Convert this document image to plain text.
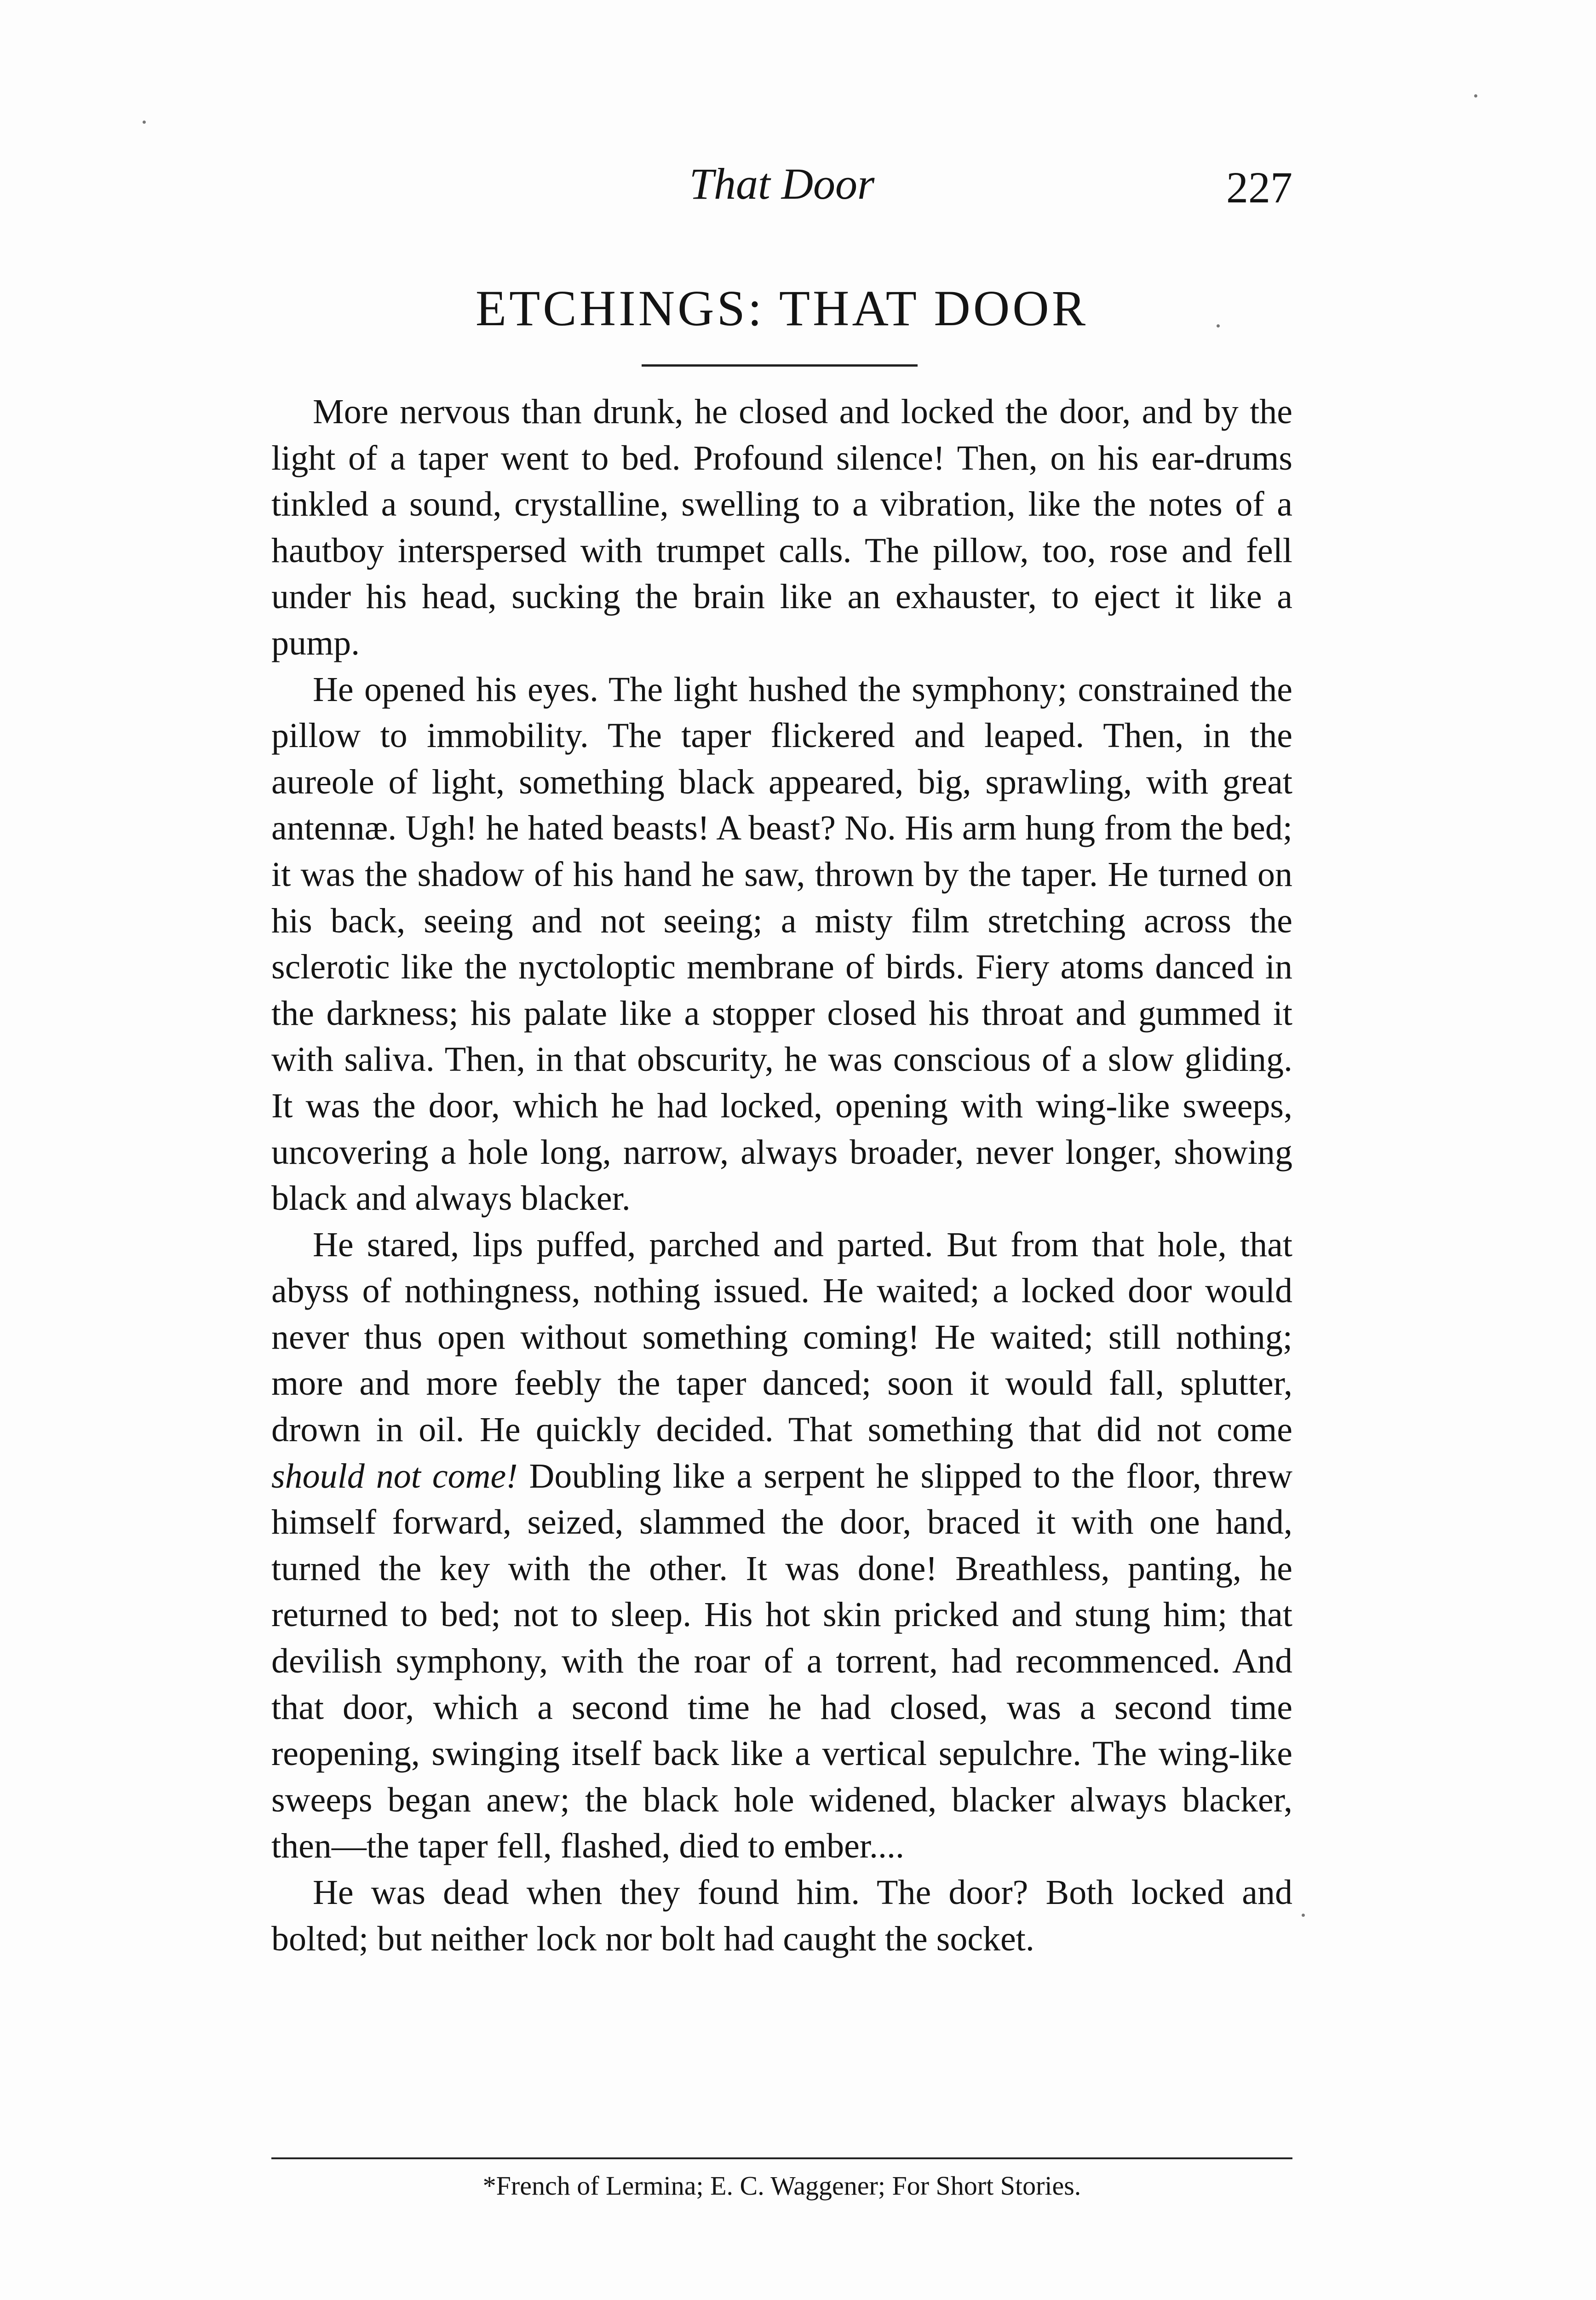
That Door	227
ETCHINGS: THAT DOOR

More nervous than drunk, he closed and locked the door, and by the light of a taper went to bed. Profound silence! Then, on his ear-drums tinkled a sound, crystalline, swelling to a vibration, like the notes of a hautboy interspersed with trumpet calls. The pillow, too, rose and fell under his head, sucking the brain like an exhauster, to eject it like a pump.

He opened his eyes. The light hushed the symphony; constrained the pillow to immobility. The taper flickered and leaped. Then, in the aureole of light, something black appeared, big, sprawling, with great antennæ. Ugh! he hated beasts! A beast? No. His arm hung from the bed; it was the shadow of his hand he saw, thrown by the taper. He turned on his back, seeing and not seeing; a misty film stretching across the sclerotic like the nyctoloptic membrane of birds. Fiery atoms danced in the darkness; his palate like a stopper closed his throat and gummed it with saliva. Then, in that obscurity, he was conscious of a slow gliding. It was the door, which he had locked, opening with wing-like sweeps, uncovering a hole long, narrow, always broader, never longer, showing black and always blacker.

He stared, lips puffed, parched and parted. But from that hole, that abyss of nothingness, nothing issued. He waited; a locked door would never thus open without something coming! He waited; still nothing; more and more feebly the taper danced; soon it would fall, splutter, drown in oil. He quickly decided. That something that did not come should not come! Doubling like a serpent he slipped to the floor, threw himself forward, seized, slammed the door, braced it with one hand, turned the key with the other. It was done! Breathless, panting, he returned to bed; not to sleep. His hot skin pricked and stung him; that devilish symphony, with the roar of a torrent, had recommenced. And that door, which a second time he had closed, was a second time reopening, swinging itself back like a vertical sepulchre. The wing-like sweeps began anew; the black hole widened, blacker always blacker, then—the taper fell, flashed, died to ember....

He was dead when they found him. The door? Both locked and bolted; but neither lock nor bolt had caught the socket.

*French of Lermina; E. C. Waggener; For Short Stories.
